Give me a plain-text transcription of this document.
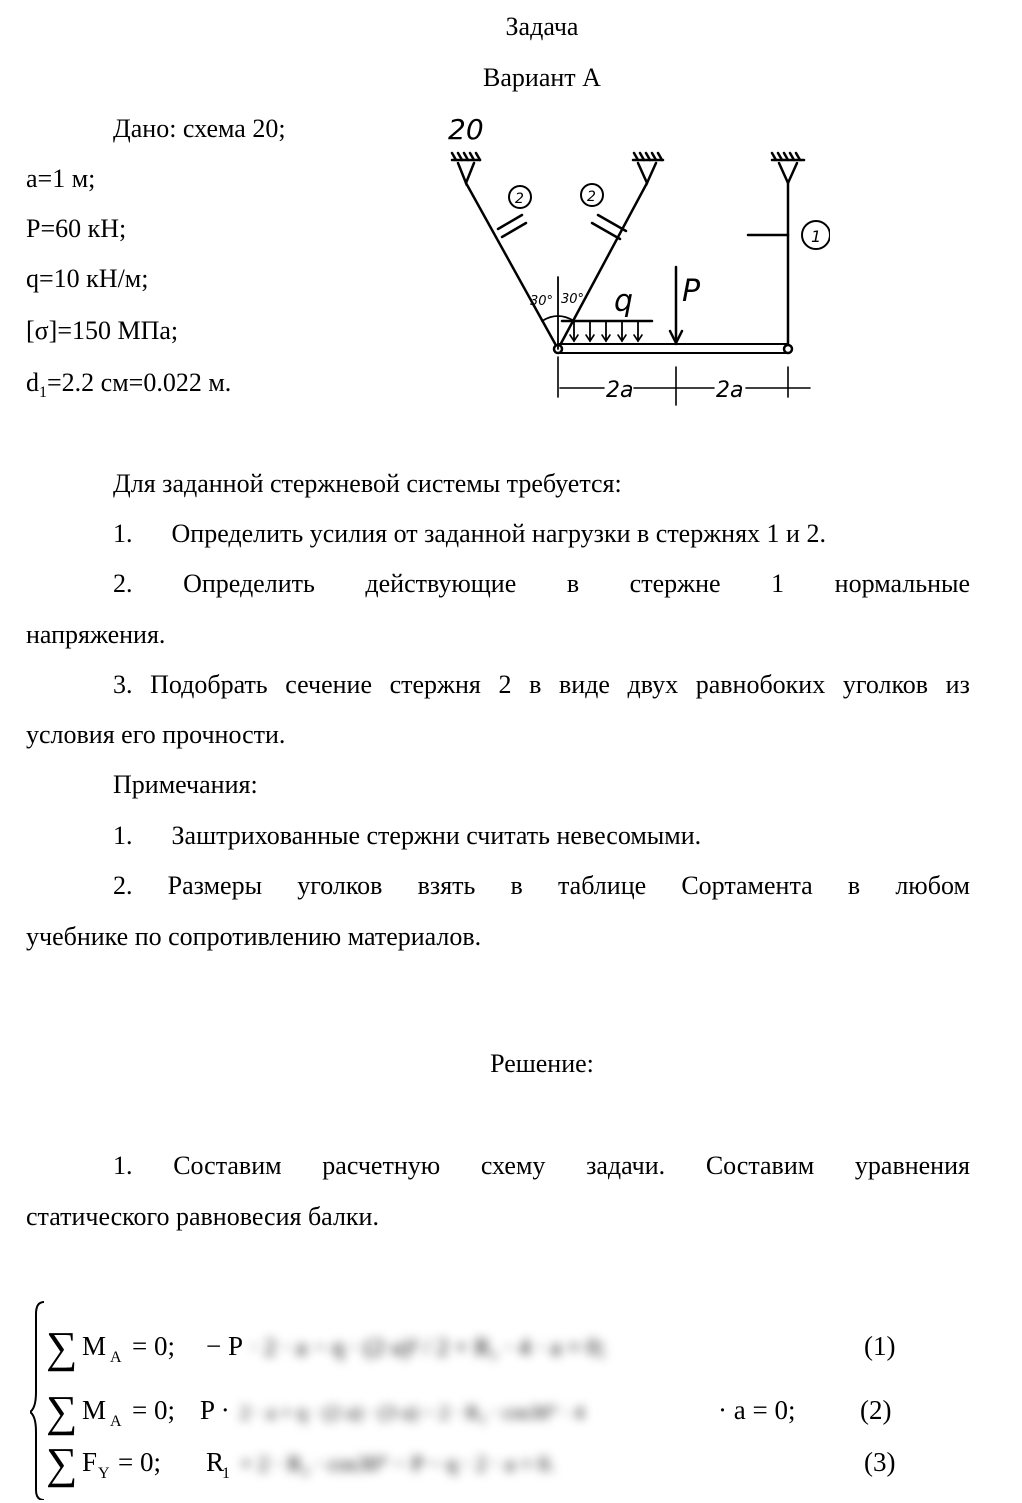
Задача
Вариант А
Дано: схема 20;
a=1 м;
P=60 кН;
q=10 кН/м;
[σ]=150 МПа;
$d_1=2.2$ см=0.022 м.
20
1
2	2
30° 30° q P
2a	2a
Для заданной стержневой системы требуется:
1.      Определить усилия от заданной нагрузки в стержнях 1 и 2.
2. Определить действующие в стержне 1 нормальные
напряжения.
3. Подобрать сечение стержня 2 в виде двух равнобоких уголков из
условия его прочности.
Примечания:
1.      Заштрихованные стержни считать невесомыми.
2. Размеры уголков взять в таблице Сортамента в любом
учебнике по сопротивлению материалов.
Решение:
1. Составим расчетную схему задачи. Составим уравнения
статического равновесия балки.
∑ M A = 0; − P · 2 · a − q · (2·a)² / 2 + R₁ · 4 · a = 0;	(1)
∑ M A = 0; P · 2 · a + q · (2·a) · (3·a) − 2 · R₂ · cos30° · 4	· a = 0; (2)
∑ F Y = 0; R
1 + 2 · R₂ · cos30° − P − q · 2 · a = 0.	(3)
